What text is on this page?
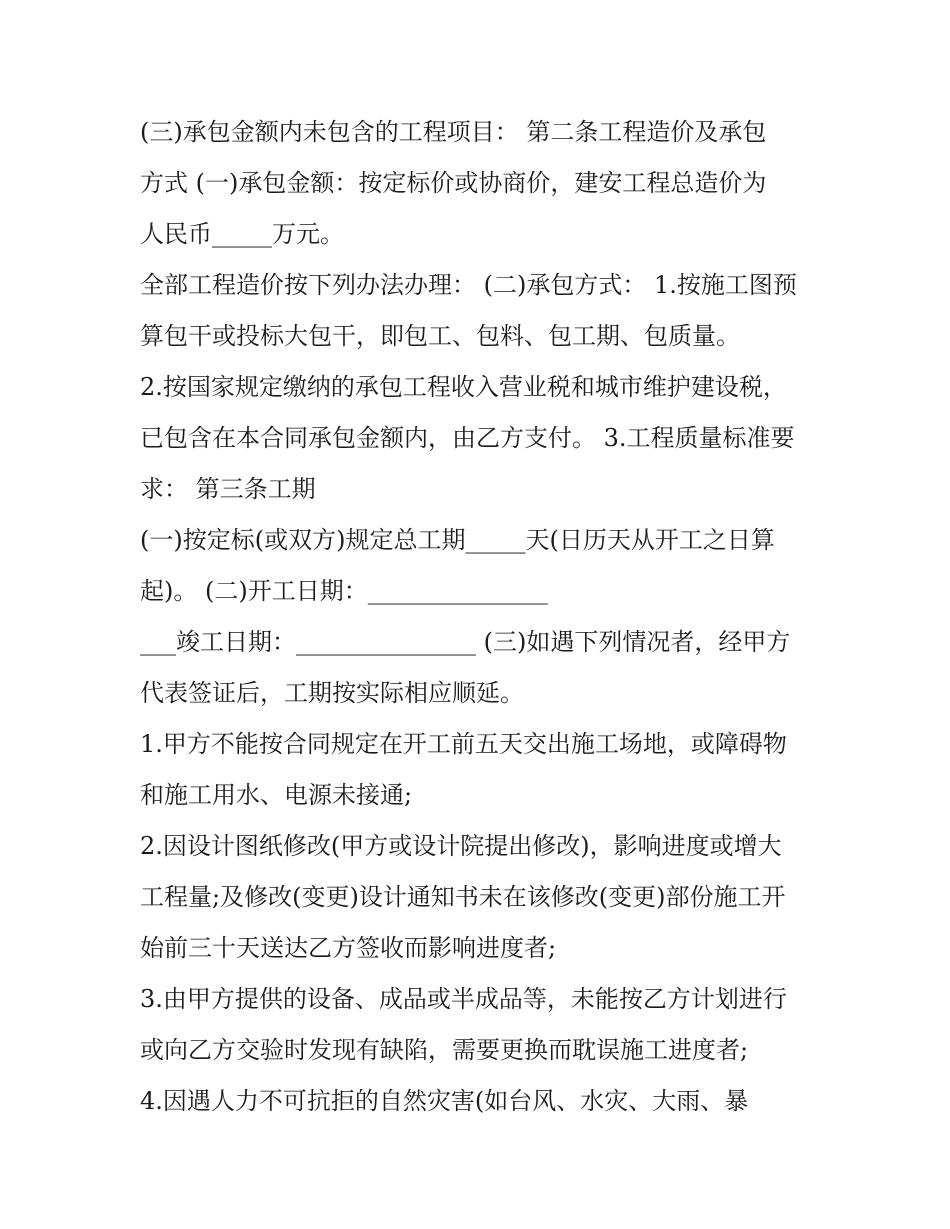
(三)承包金额内未包含的工程项目： 第二条工程造价及承包
方式 (一)承包金额：按定标价或协商价，建安工程总造价为
人民币_____万元。
全部工程造价按下列办法办理： (二)承包方式： 1.按施工图预
算包干或投标大包干，即包工、包料、包工期、包质量。
2.按国家规定缴纳的承包工程收入营业税和城市维护建设税，
已包含在本合同承包金额内，由乙方支付。 3.工程质量标准要
求： 第三条工期
(一)按定标(或双方)规定总工期_____天(日历天从开工之日算
起)。 (二)开工日期：_______________
___竣工日期：_______________ (三)如遇下列情况者，经甲方
代表签证后，工期按实际相应顺延。
1.甲方不能按合同规定在开工前五天交出施工场地，或障碍物
和施工用水、电源未接通;
2.因设计图纸修改(甲方或设计院提出修改)，影响进度或增大
工程量;及修改(变更)设计通知书未在该修改(变更)部份施工开
始前三十天送达乙方签收而影响进度者;
3.由甲方提供的设备、成品或半成品等，未能按乙方计划进行
或向乙方交验时发现有缺陷，需要更换而耽误施工进度者;
4.因遇人力不可抗拒的自然灾害(如台风、水灾、大雨、暴
